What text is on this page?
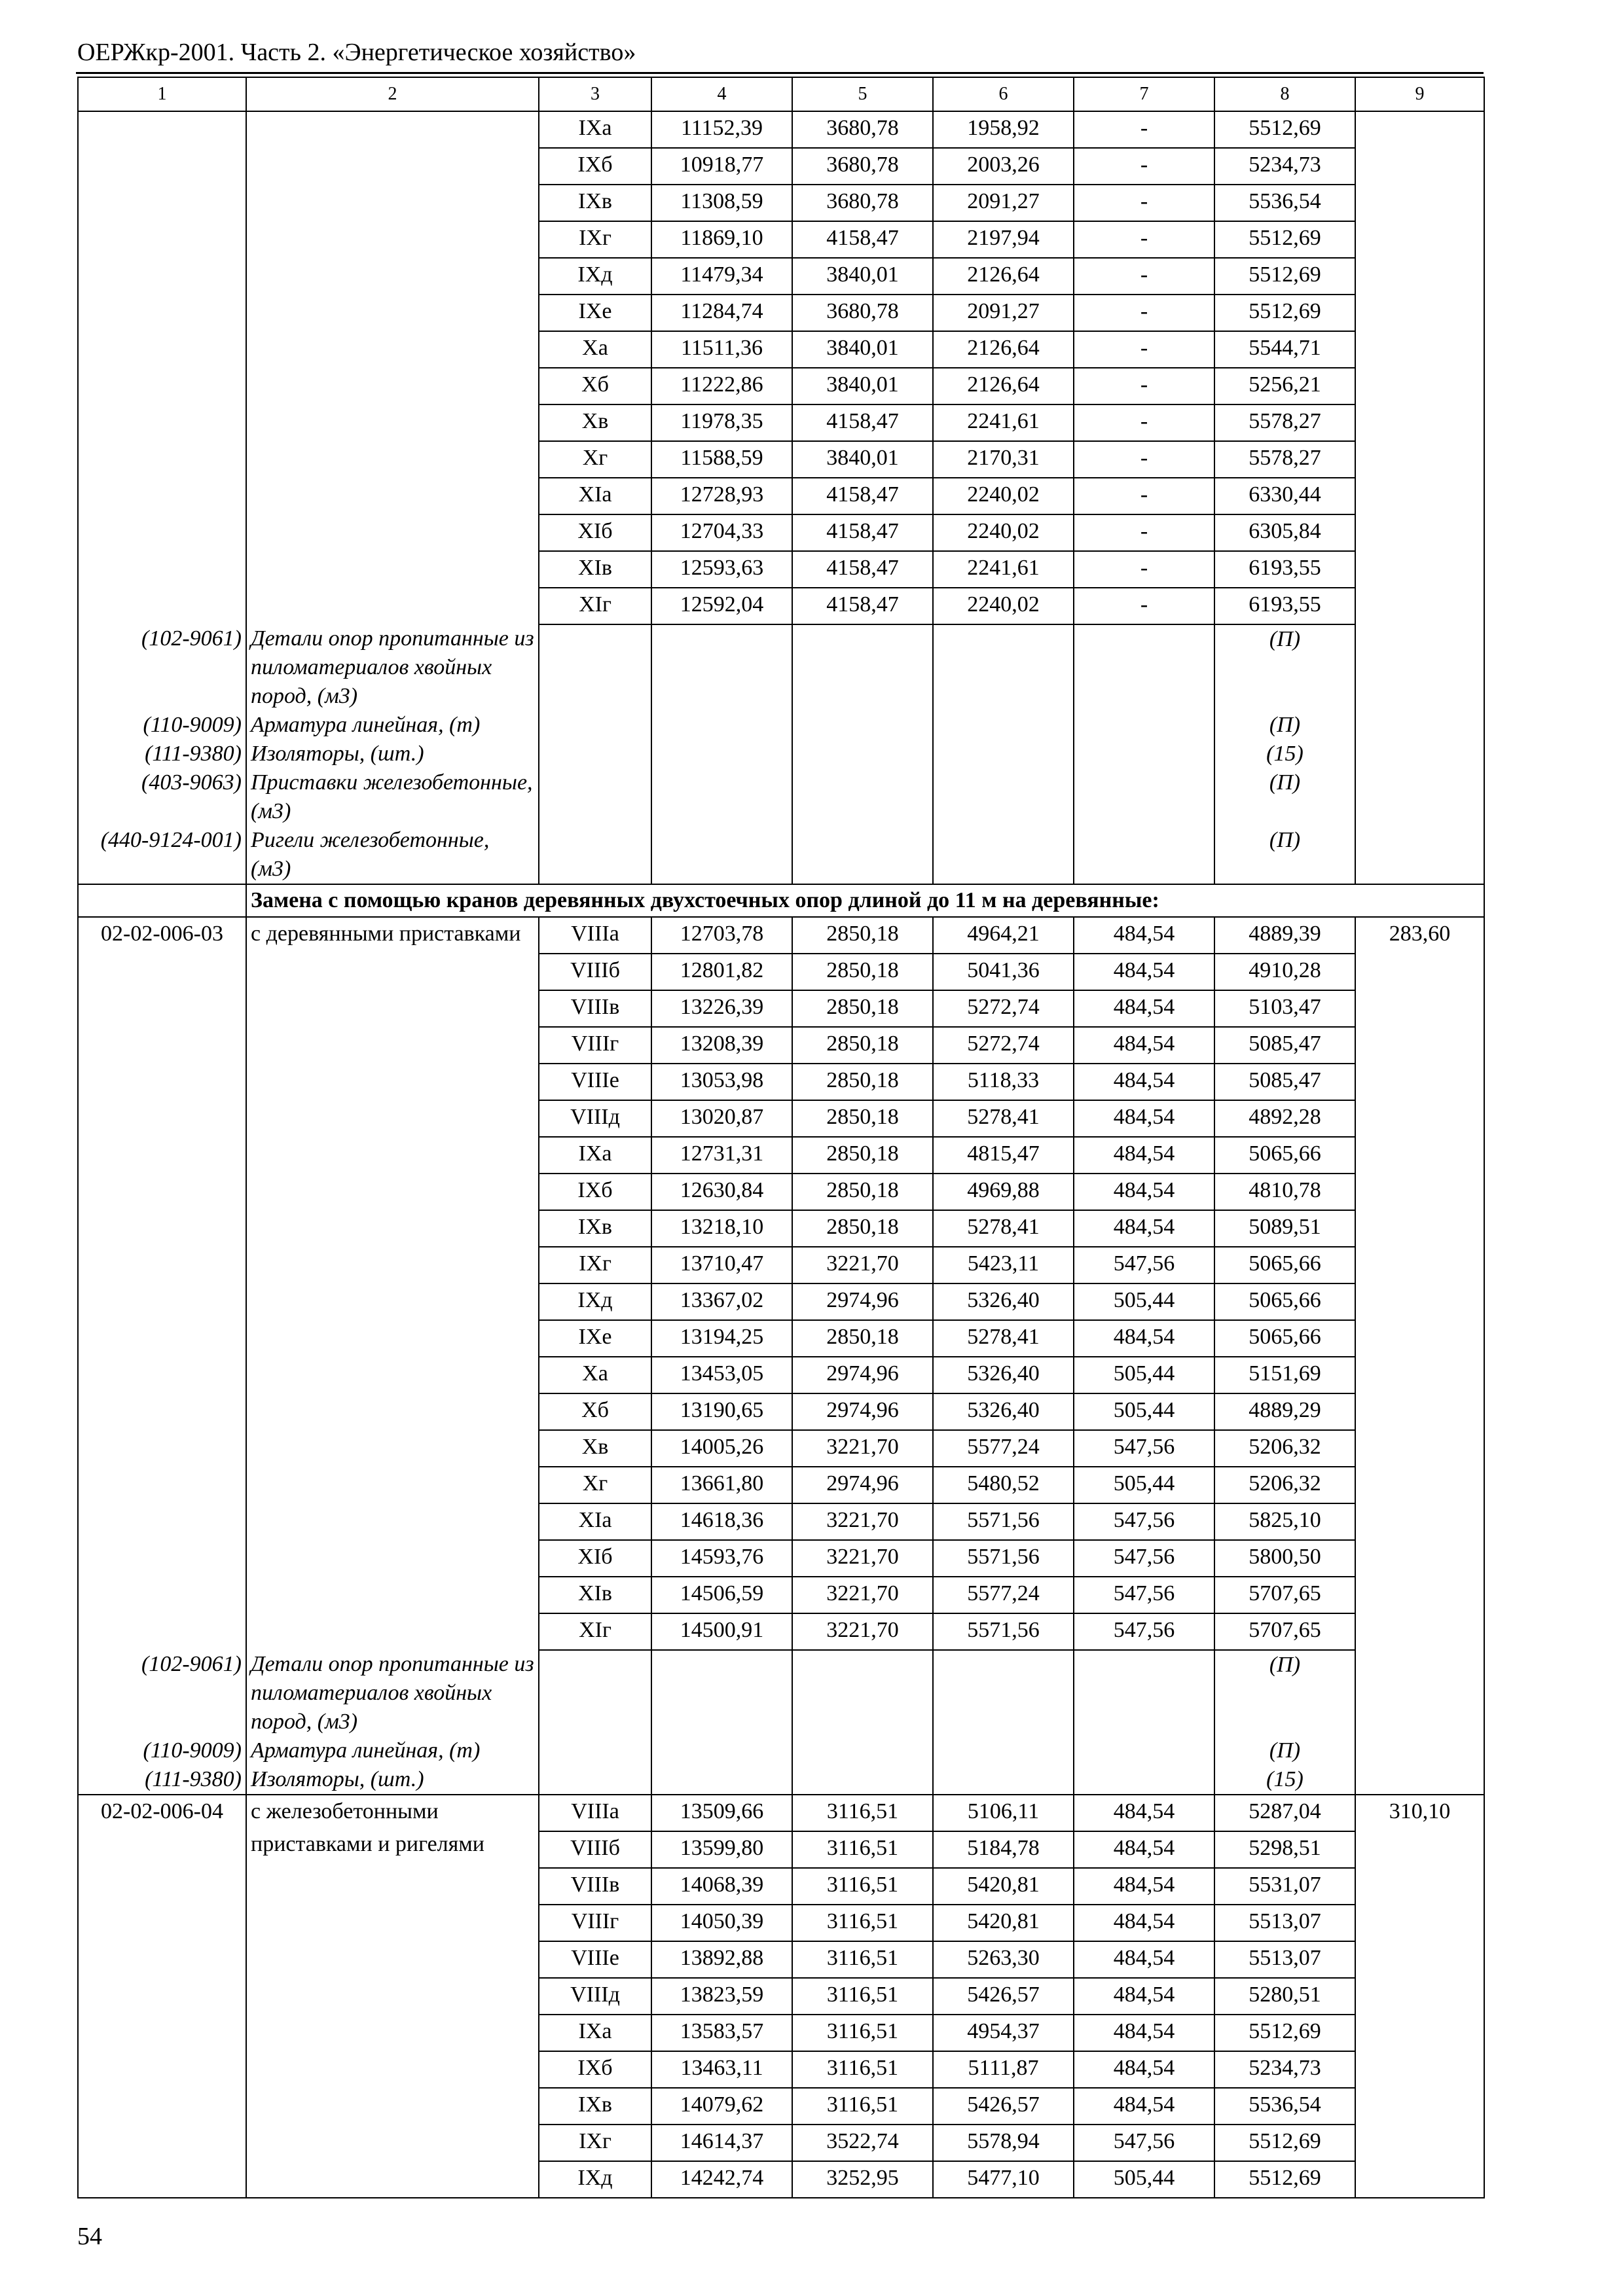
ОЕРЖкр-2001. Часть 2. «Энергетическое хозяйство»
1	2	3	4	5	6	7	8	9
		IXа	11152,39	3680,78	1958,92	-	5512,69	
		IXб	10918,77	3680,78	2003,26	-	5234,73	
		IXв	11308,59	3680,78	2091,27	-	5536,54	
		IXг	11869,10	4158,47	2197,94	-	5512,69	
		IXд	11479,34	3840,01	2126,64	-	5512,69	
		IXе	11284,74	3680,78	2091,27	-	5512,69	
		Xа	11511,36	3840,01	2126,64	-	5544,71	
		Xб	11222,86	3840,01	2126,64	-	5256,21	
		Xв	11978,35	4158,47	2241,61	-	5578,27	
		Xг	11588,59	3840,01	2170,31	-	5578,27	
		XIа	12728,93	4158,47	2240,02	-	6330,44	
		XIб	12704,33	4158,47	2240,02	-	6305,84	
		XIв	12593,63	4158,47	2241,61	-	6193,55	
		XIг	12592,04	4158,47	2240,02	-	6193,55	
(102-9061)	Детали опор пропитанные из пиломатериалов хвойных пород, (м3)						(П)	
(110-9009)	Арматура линейная, (т)						(П)	
(111-9380)	Изоляторы, (шт.)						(15)	
(403-9063)	Приставки железобетонные, (м3)						(П)	
(440-9124-001)	Ригели железобетонные, (м3)						(П)	
	Замена с помощью кранов деревянных двухстоечных опор длиной до 11 м на деревянные:							
02-02-006-03	с деревянными приставками	VIIIа	12703,78	2850,18	4964,21	484,54	4889,39	283,60
		VIIIб	12801,82	2850,18	5041,36	484,54	4910,28	
		VIIIв	13226,39	2850,18	5272,74	484,54	5103,47	
		VIIIг	13208,39	2850,18	5272,74	484,54	5085,47	
		VIIIе	13053,98	2850,18	5118,33	484,54	5085,47	
		VIIIд	13020,87	2850,18	5278,41	484,54	4892,28	
		IXа	12731,31	2850,18	4815,47	484,54	5065,66	
		IXб	12630,84	2850,18	4969,88	484,54	4810,78	
		IXв	13218,10	2850,18	5278,41	484,54	5089,51	
		IXг	13710,47	3221,70	5423,11	547,56	5065,66	
		IXд	13367,02	2974,96	5326,40	505,44	5065,66	
		IXе	13194,25	2850,18	5278,41	484,54	5065,66	
		Xа	13453,05	2974,96	5326,40	505,44	5151,69	
		Xб	13190,65	2974,96	5326,40	505,44	4889,29	
		Xв	14005,26	3221,70	5577,24	547,56	5206,32	
		Xг	13661,80	2974,96	5480,52	505,44	5206,32	
		XIа	14618,36	3221,70	5571,56	547,56	5825,10	
		XIб	14593,76	3221,70	5571,56	547,56	5800,50	
		XIв	14506,59	3221,70	5577,24	547,56	5707,65	
		XIг	14500,91	3221,70	5571,56	547,56	5707,65	
(102-9061)	Детали опор пропитанные из пиломатериалов хвойных пород, (м3)						(П)	
(110-9009)	Арматура линейная, (т)						(П)	
(111-9380)	Изоляторы, (шт.)						(15)	
02-02-006-04	с железобетонными приставками и ригелями	VIIIа	13509,66	3116,51	5106,11	484,54	5287,04	310,10
		VIIIб	13599,80	3116,51	5184,78	484,54	5298,51	
		VIIIв	14068,39	3116,51	5420,81	484,54	5531,07	
		VIIIг	14050,39	3116,51	5420,81	484,54	5513,07	
		VIIIе	13892,88	3116,51	5263,30	484,54	5513,07	
		VIIIд	13823,59	3116,51	5426,57	484,54	5280,51	
		IXа	13583,57	3116,51	4954,37	484,54	5512,69	
		IXб	13463,11	3116,51	5111,87	484,54	5234,73	
		IXв	14079,62	3116,51	5426,57	484,54	5536,54	
		IXг	14614,37	3522,74	5578,94	547,56	5512,69	
		IXд	14242,74	3252,95	5477,10	505,44	5512,69	
54
